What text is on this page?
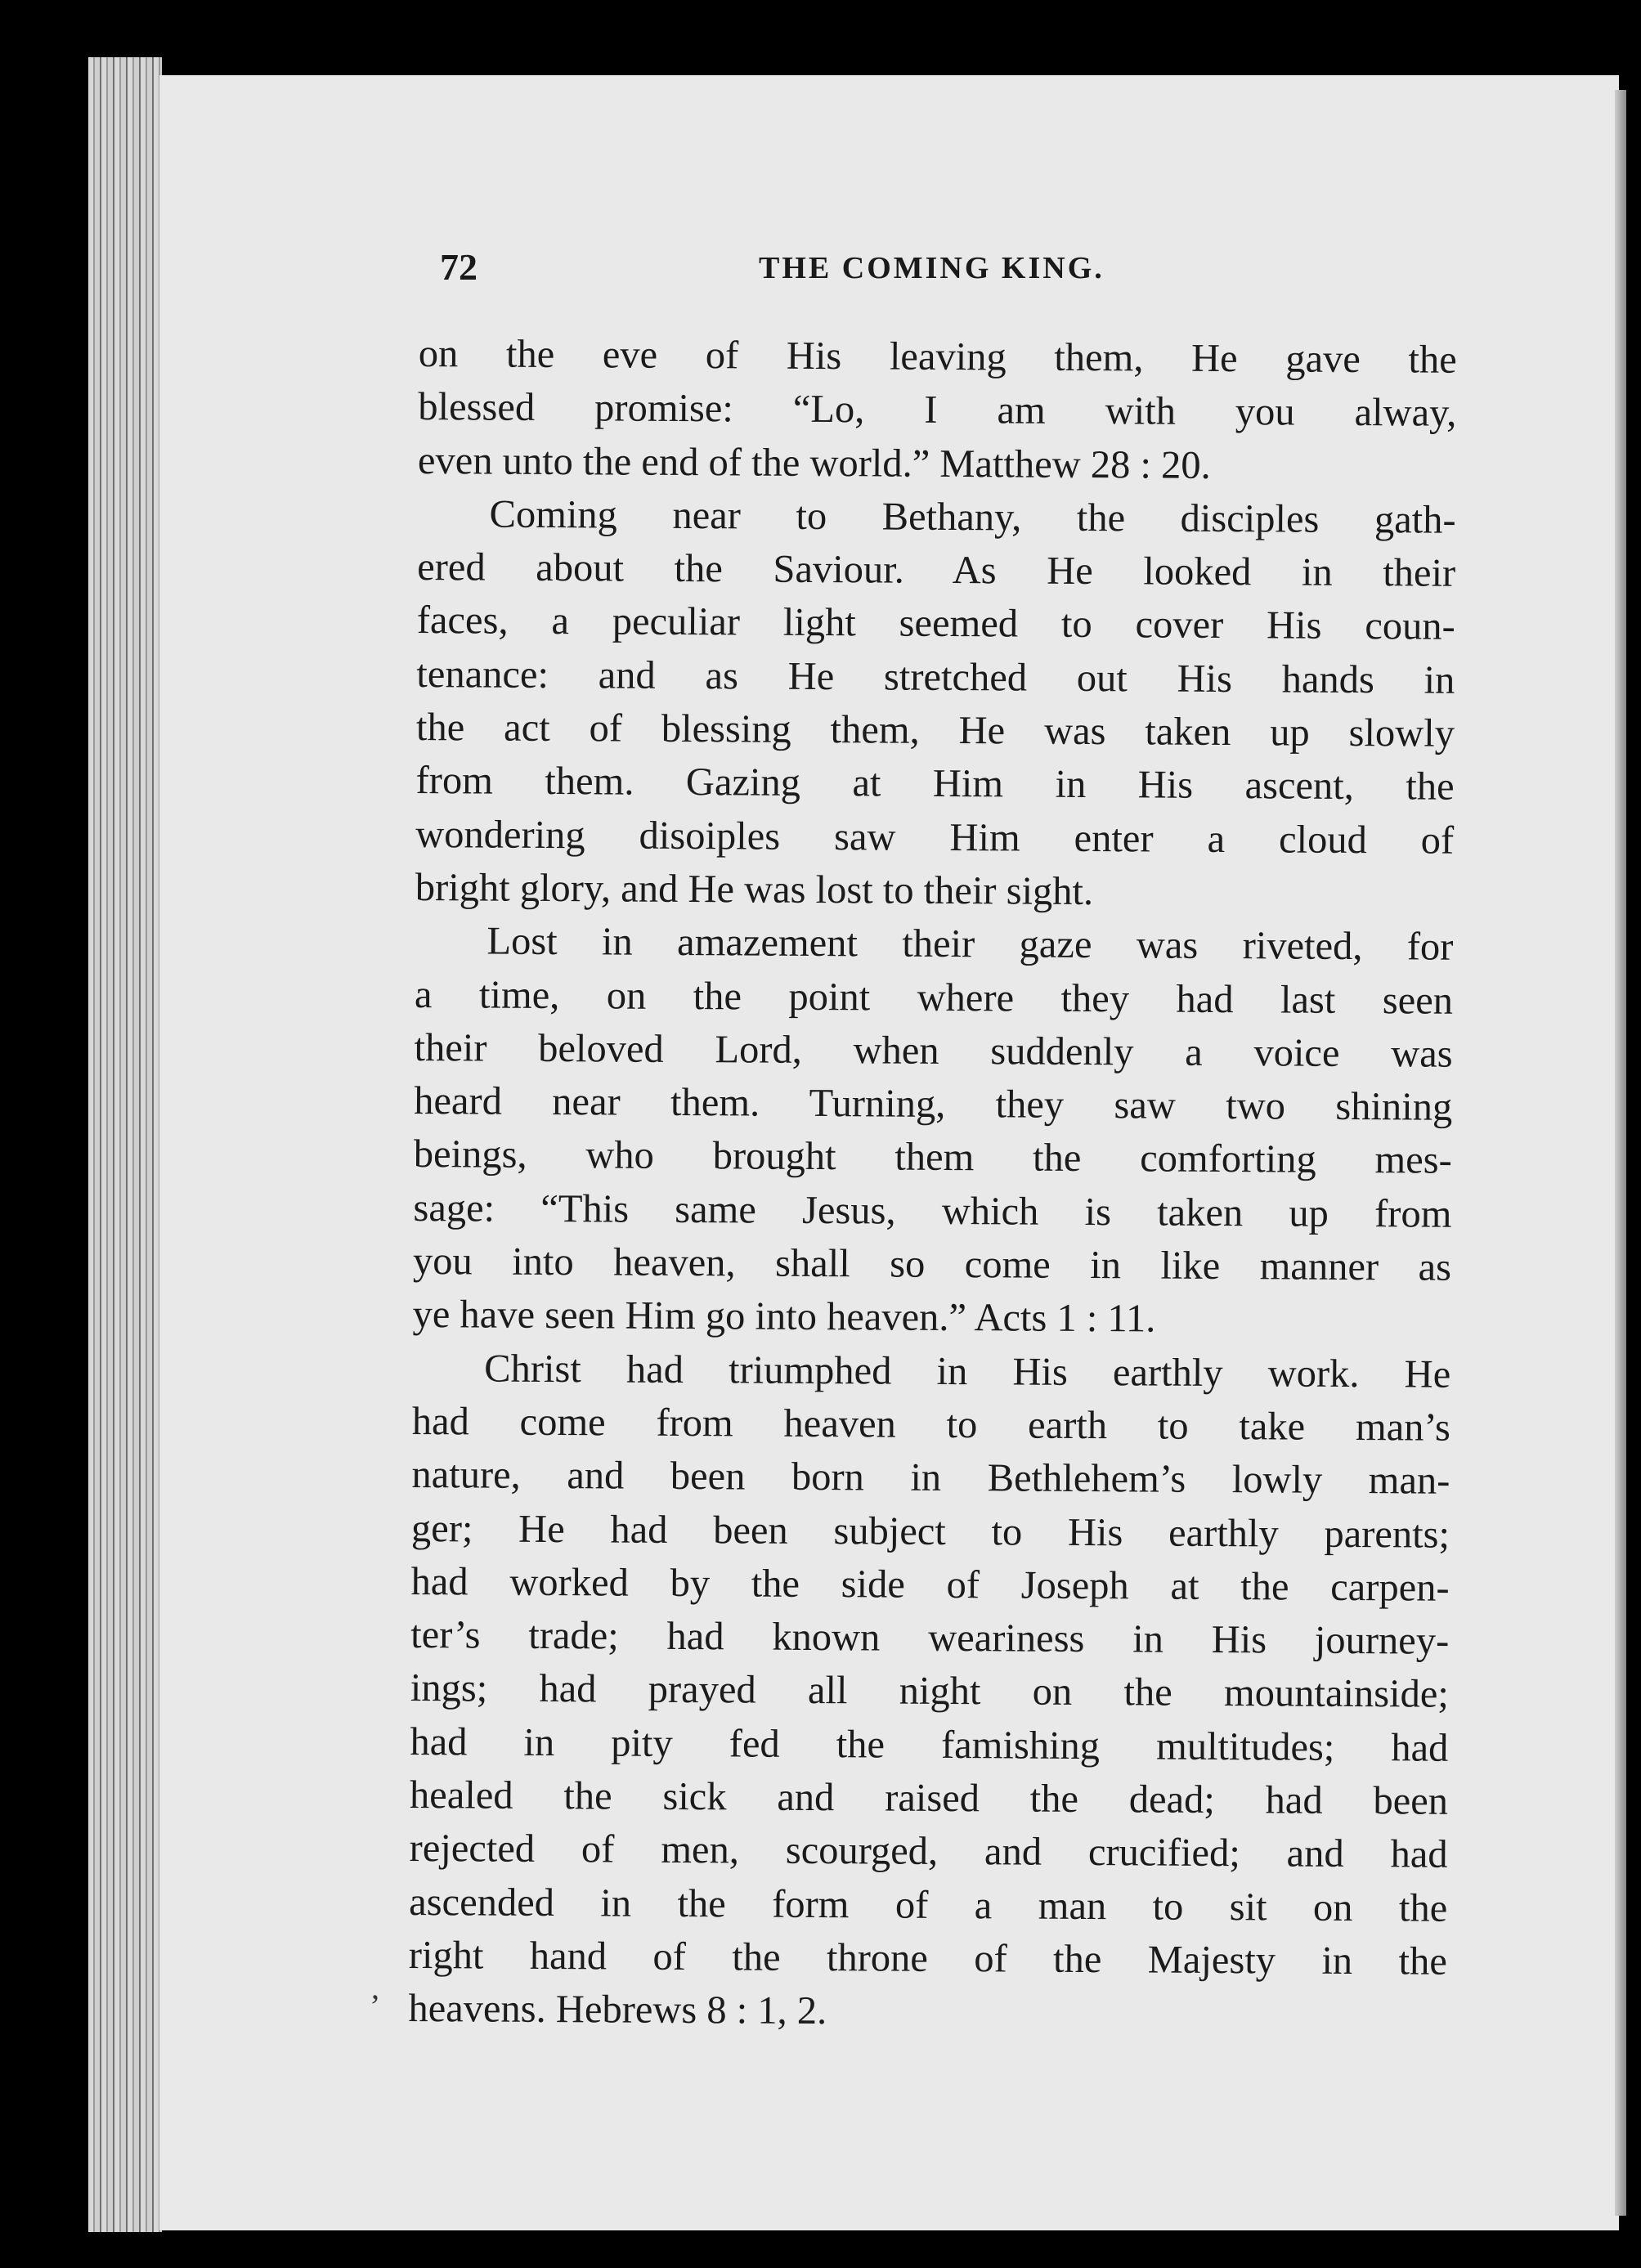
72	THE COMING KING.
on the eve of His leaving them, He gave the
blessed promise: “Lo, I am with you alway,
even unto the end of the world.” Matthew 28 : 20.
Coming near to Bethany, the disciples gath-
ered about the Saviour. As He looked in their
faces, a peculiar light seemed to cover His coun-
tenance: and as He stretched out His hands in
the act of blessing them, He was taken up slowly
from them. Gazing at Him in His ascent, the
wondering disoiples saw Him enter a cloud of
bright glory, and He was lost to their sight.
Lost in amazement their gaze was riveted, for
a time, on the point where they had last seen
their beloved Lord, when suddenly a voice was
heard near them. Turning, they saw two shining
beings, who brought them the comforting mes-
sage: “This same Jesus, which is taken up from
you into heaven, shall so come in like manner as
ye have seen Him go into heaven.” Acts 1 : 11.
Christ had triumphed in His earthly work. He
had come from heaven to earth to take man’s
nature, and been born in Bethlehem’s lowly man-
ger; He had been subject to His earthly parents;
had worked by the side of Joseph at the carpen-
ter’s trade; had known weariness in His journey-
ings; had prayed all night on the mountainside;
had in pity fed the famishing multitudes; had
healed the sick and raised the dead; had been
rejected of men, scourged, and crucified; and had
ascended in the form of a man to sit on the
right hand of the throne of the Majesty in the
heavens. Hebrews 8 : 1, 2.
’
